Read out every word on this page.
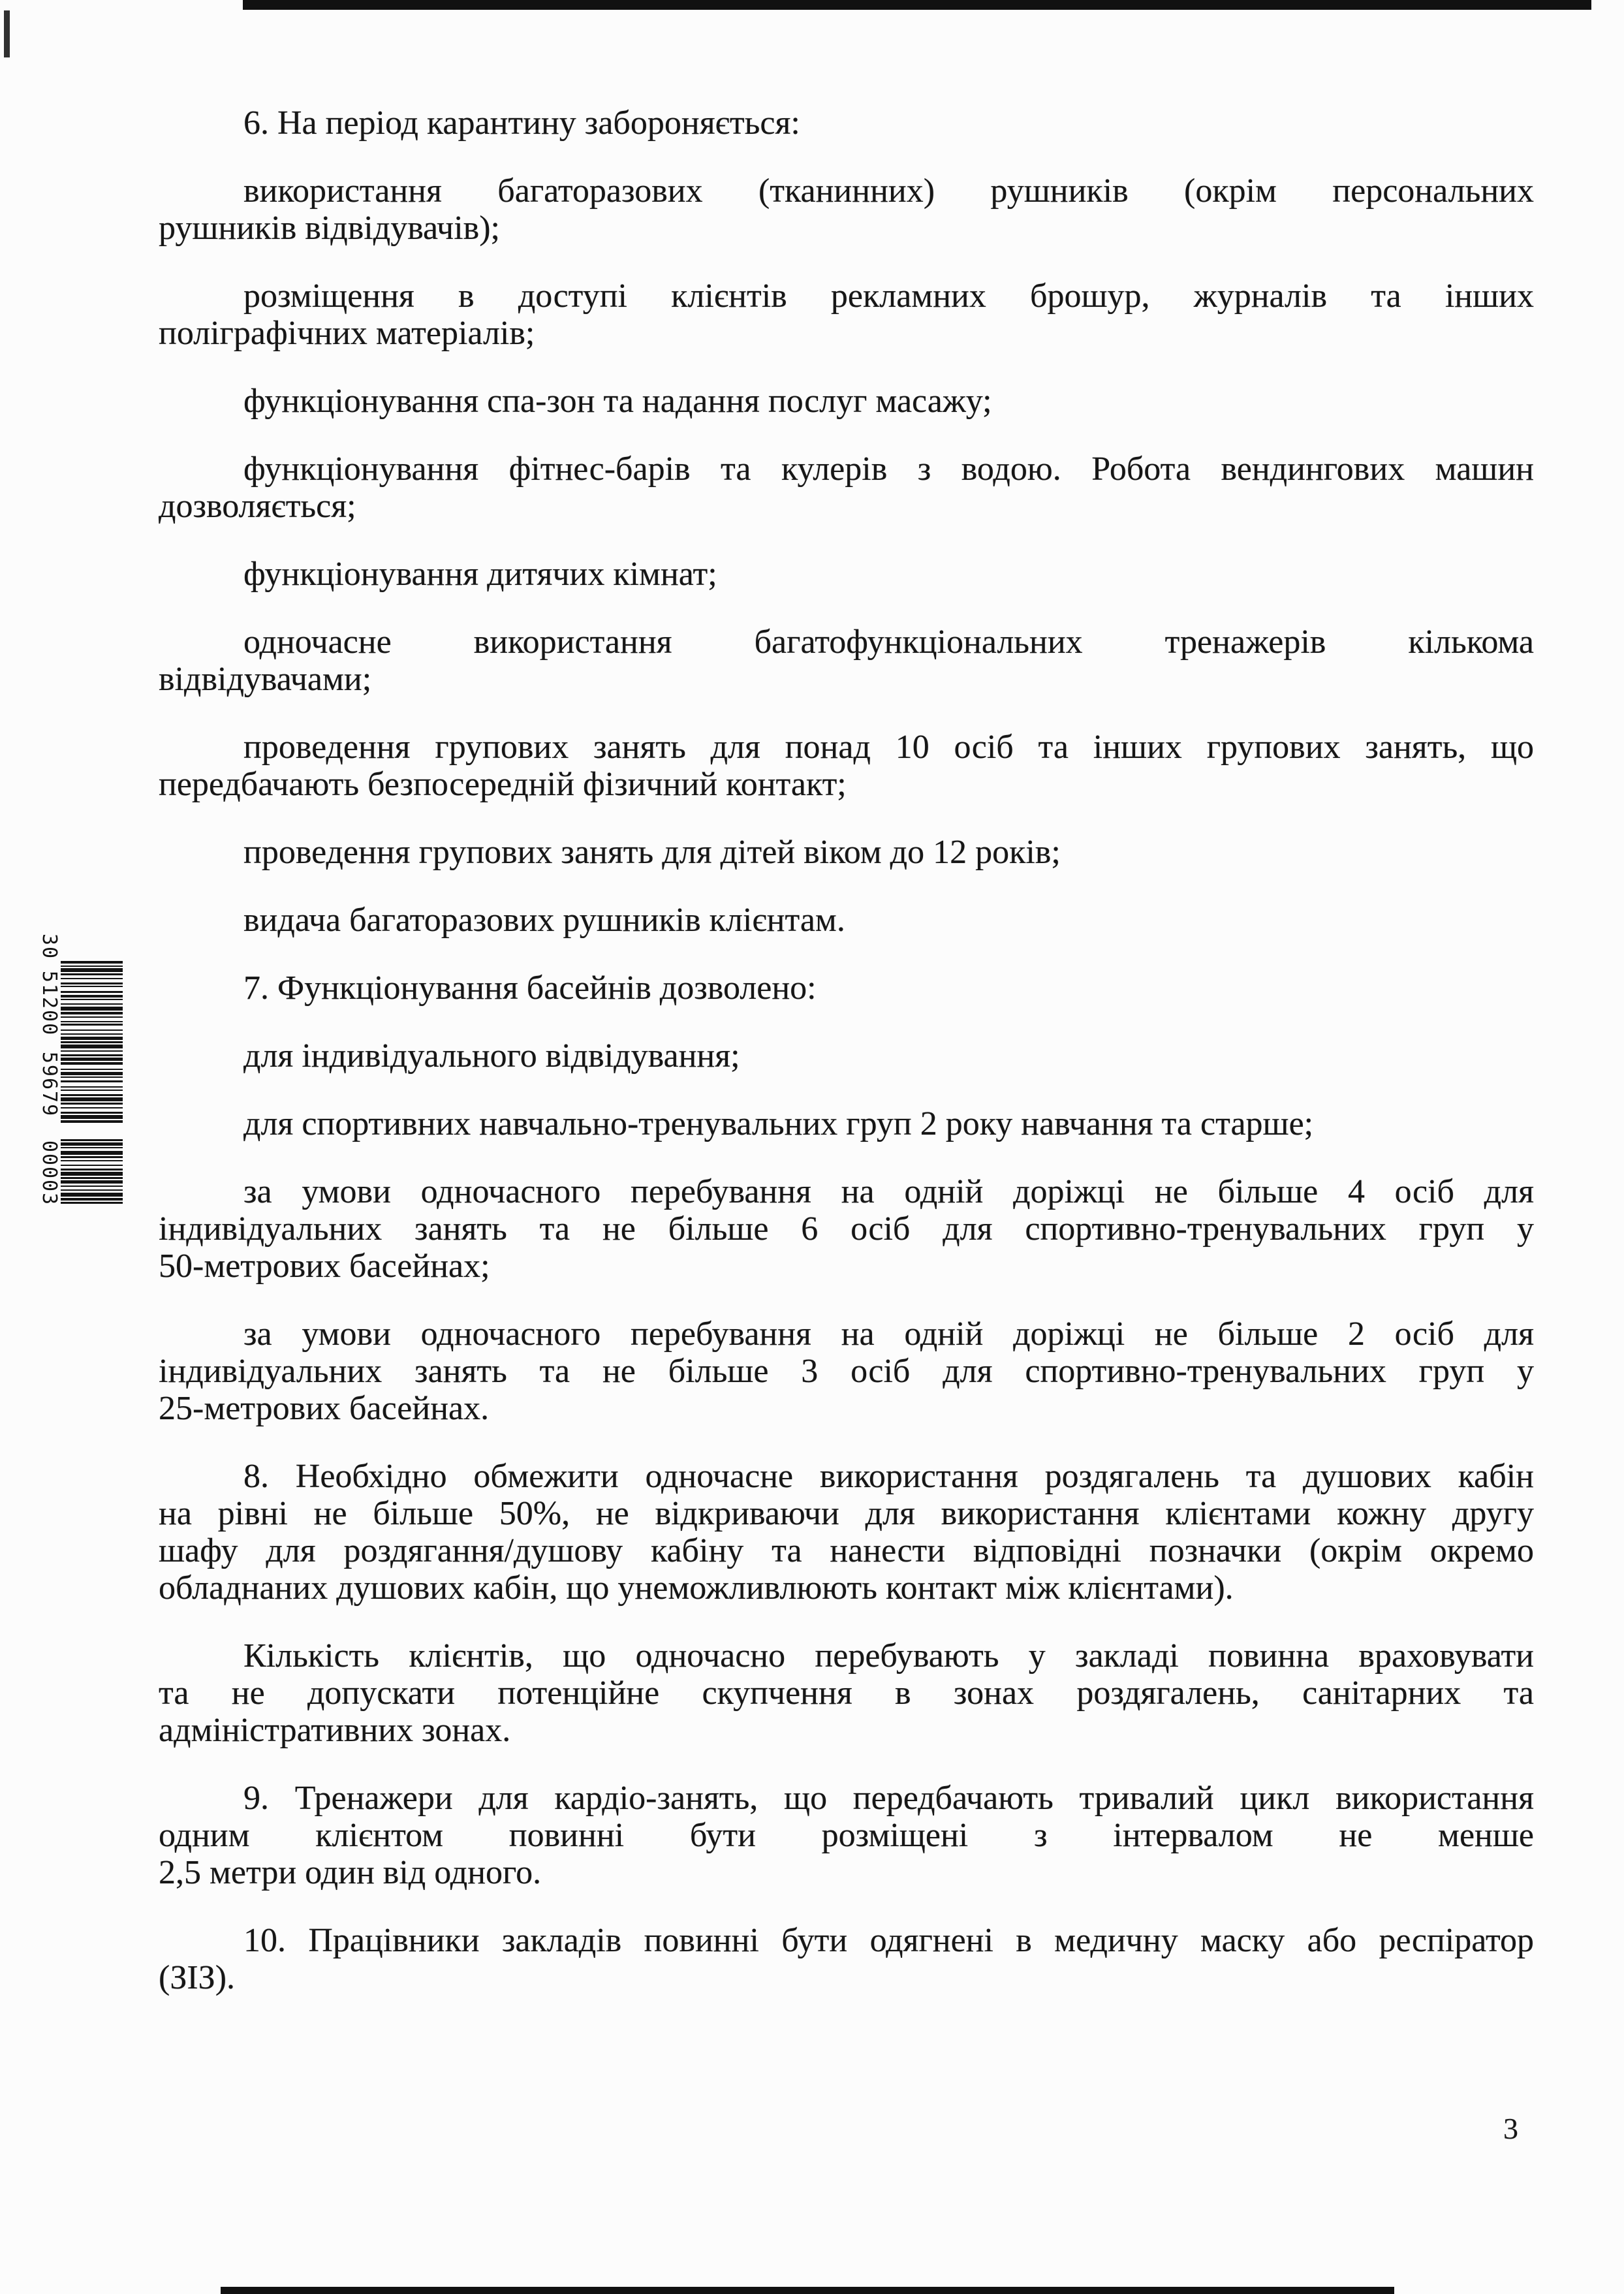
30
51200
59679
00003

6. На період карантину забороняється:

використання багаторазових (тканинних) рушників (окрім персональних
рушників відвідувачів);

розміщення в доступі клієнтів рекламних брошур, журналів та інших
поліграфічних матеріалів;

функціонування спа-зон та надання послуг масажу;

функціонування фітнес-барів та кулерів з водою. Робота вендингових машин
дозволяється;

функціонування дитячих кімнат;

одночасне використання багатофункціональних тренажерів кількома
відвідувачами;

проведення групових занять для понад 10 осіб та інших групових занять, що
передбачають безпосередній фізичний контакт;

проведення групових занять для дітей віком до 12 років;

видача багаторазових рушників клієнтам.

7. Функціонування басейнів дозволено:

для індивідуального відвідування;

для спортивних навчально-тренувальних груп 2 року навчання та старше;

за умови одночасного перебування на одній доріжці не більше 4 осіб для
індивідуальних занять та не більше 6 осіб для спортивно-тренувальних груп у
50-метрових басейнах;

за умови одночасного перебування на одній доріжці не більше 2 осіб для
індивідуальних занять та не більше 3 осіб для спортивно-тренувальних груп у
25-метрових басейнах.

8. Необхідно обмежити одночасне використання роздягалень та душових кабін
на рівні не більше 50%, не відкриваючи для використання клієнтами кожну другу
шафу для роздягання/душову кабіну та нанести відповідні позначки (окрім окремо
обладнаних душових кабін, що унеможливлюють контакт між клієнтами).

Кількість клієнтів, що одночасно перебувають у закладі повинна враховувати
та не допускати потенційне скупчення в зонах роздягалень, санітарних та
адміністративних зонах.

9. Тренажери для кардіо-занять, що передбачають тривалий цикл використання
одним клієнтом повинні бути розміщені з інтервалом не менше
2,5 метри один від одного.

10. Працівники закладів повинні бути одягнені в медичну маску або респіратор
(ЗІЗ).

3
